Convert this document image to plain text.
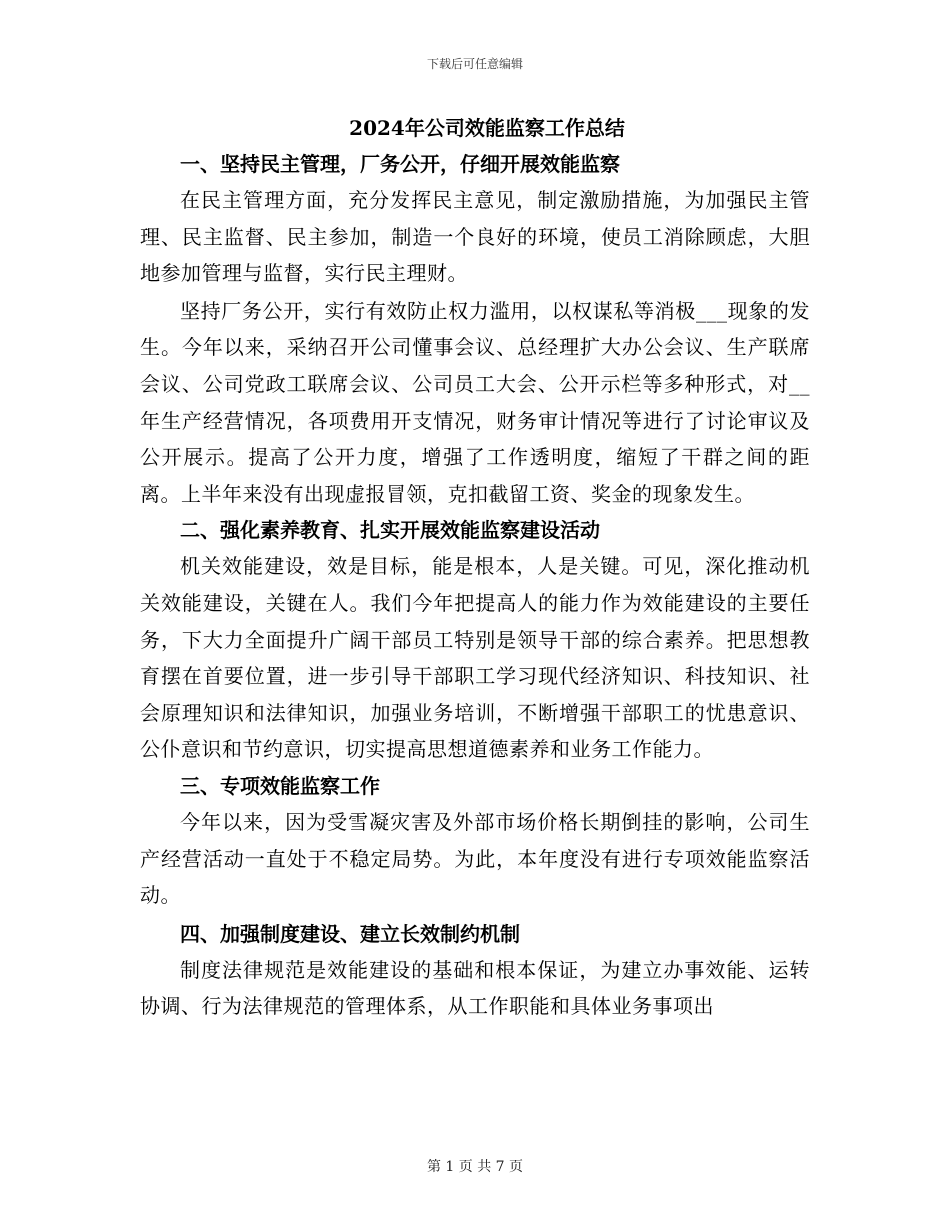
下载后可任意编辑
2024年公司效能监察工作总结
一、坚持民主管理，厂务公开，仔细开展效能监察

在民主管理方面，充分发挥民主意见，制定激励措施，为加强民主管理、民主监督、民主参加，制造一个良好的环境，使员工消除顾虑，大胆地参加管理与监督，实行民主理财。

坚持厂务公开，实行有效防止权力滥用，以权谋私等消极___现象的发生。今年以来，采纳召开公司懂事会议、总经理扩大办公会议、生产联席会议、公司党政工联席会议、公司员工大会、公开示栏等多种形式，对__年生产经营情况，各项费用开支情况，财务审计情况等进行了讨论审议及公开展示。提高了公开力度，增强了工作透明度，缩短了干群之间的距离。上半年来没有出现虚报冒领，克扣截留工资、奖金的现象发生。

二、强化素养教育、扎实开展效能监察建设活动

机关效能建设，效是目标，能是根本，人是关键。可见，深化推动机关效能建设，关键在人。我们今年把提高人的能力作为效能建设的主要任务，下大力全面提升广阔干部员工特别是领导干部的综合素养。把思想教育摆在首要位置，进一步引导干部职工学习现代经济知识、科技知识、社会原理知识和法律知识，加强业务培训，不断增强干部职工的忧患意识、公仆意识和节约意识，切实提高思想道德素养和业务工作能力。

三、专项效能监察工作

今年以来，因为受雪凝灾害及外部市场价格长期倒挂的影响，公司生产经营活动一直处于不稳定局势。为此，本年度没有进行专项效能监察活动。

四、加强制度建设、建立长效制约机制

制度法律规范是效能建设的基础和根本保证，为建立办事效能、运转协调、行为法律规范的管理体系，从工作职能和具体业务事项出

第 1 页 共 7 页
